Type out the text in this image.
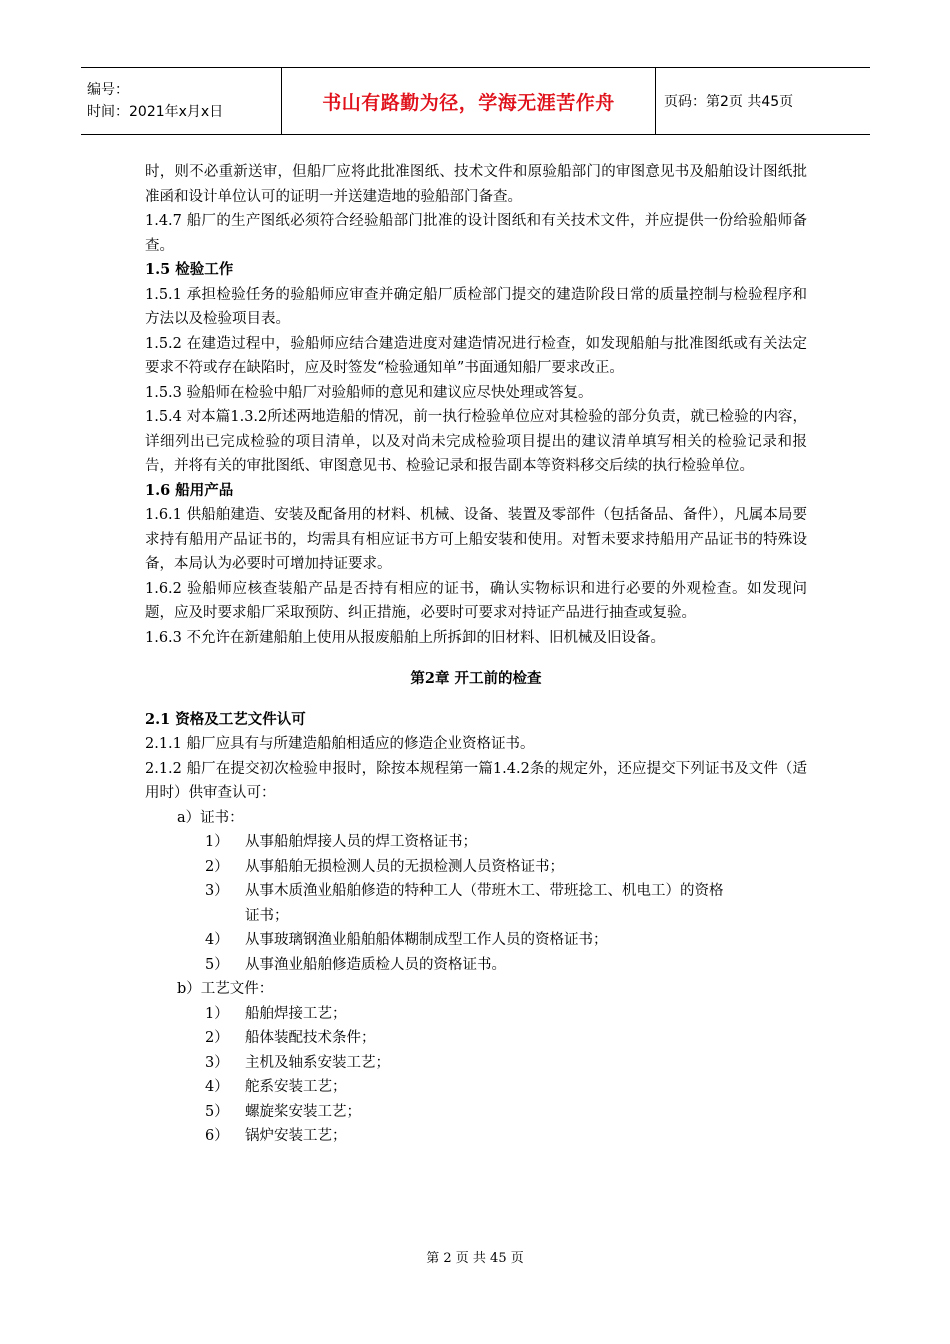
编号：
时间：2021年x月x日	书山有路勤为径，学海无涯苦作舟	页码：第2页 共45页

时，则不必重新送审，但船厂应将此批准图纸、技术文件和原验船部门的审图意见书及船舶设计图纸批准函和设计单位认可的证明一并送建造地的验船部门备查。

1.4.7 船厂的生产图纸必须符合经验船部门批准的设计图纸和有关技术文件，并应提供一份给验船师备查。

1.5 检验工作

1.5.1 承担检验任务的验船师应审查并确定船厂质检部门提交的建造阶段日常的质量控制与检验程序和方法以及检验项目表。

1.5.2 在建造过程中，验船师应结合建造进度对建造情况进行检查，如发现船舶与批准图纸或有关法定要求不符或存在缺陷时，应及时签发“检验通知单”书面通知船厂要求改正。

1.5.3 验船师在检验中船厂对验船师的意见和建议应尽快处理或答复。

1.5.4 对本篇1.3.2所述两地造船的情况，前一执行检验单位应对其检验的部分负责，就已检验的内容，详细列出已完成检验的项目清单，以及对尚未完成检验项目提出的建议清单填写相关的检验记录和报告，并将有关的审批图纸、审图意见书、检验记录和报告副本等资料移交后续的执行检验单位。

1.6 船用产品

1.6.1 供船舶建造、安装及配备用的材料、机械、设备、装置及零部件（包括备品、备件），凡属本局要求持有船用产品证书的，均需具有相应证书方可上船安装和使用。对暂未要求持船用产品证书的特殊设备，本局认为必要时可增加持证要求。

1.6.2 验船师应核查装船产品是否持有相应的证书，确认实物标识和进行必要的外观检查。如发现问题，应及时要求船厂采取预防、纠正措施，必要时可要求对持证产品进行抽查或复验。

1.6.3 不允许在新建船舶上使用从报废船舶上所拆卸的旧材料、旧机械及旧设备。

第2章 开工前的检查

2.1 资格及工艺文件认可

2.1.1 船厂应具有与所建造船舶相适应的修造企业资格证书。

2.1.2 船厂在提交初次检验申报时，除按本规程第一篇1.4.2条的规定外，还应提交下列证书及文件（适用时）供审查认可：

a）证书：

1） 从事船舶焊接人员的焊工资格证书；

2） 从事船舶无损检测人员的无损检测人员资格证书；

3） 从事木质渔业船舶修造的特种工人（带班木工、带班捻工、机电工）的资格

证书；

4） 从事玻璃钢渔业船舶船体糊制成型工作人员的资格证书；

5） 从事渔业船舶修造质检人员的资格证书。

b）工艺文件：

1） 船舶焊接工艺；

2） 船体装配技术条件；

3） 主机及轴系安装工艺；

4） 舵系安装工艺；

5） 螺旋桨安装工艺；

6） 锅炉安装工艺；

第 2 页 共 45 页
